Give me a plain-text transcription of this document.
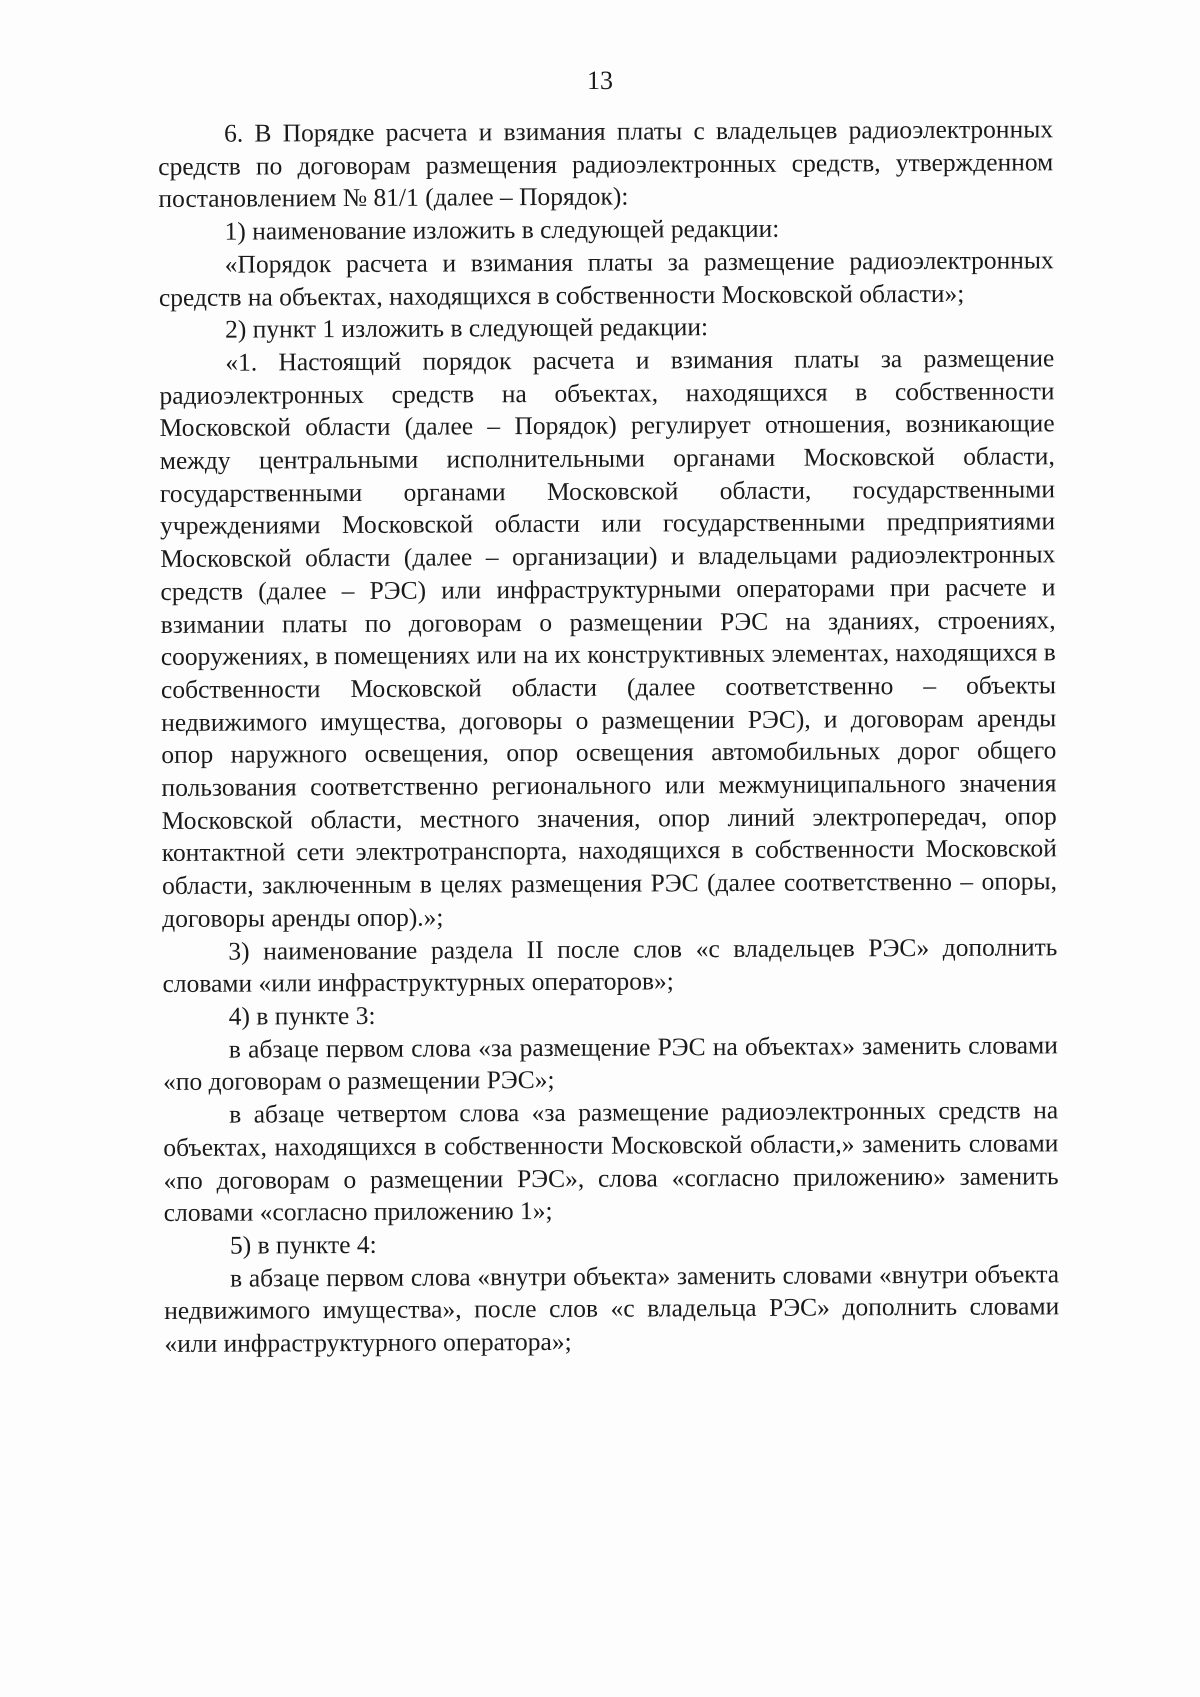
13

6. В Порядке расчета и взимания платы с владельцев радиоэлектронных средств по договорам размещения радиоэлектронных средств, утвержденном постановлением № 81/1 (далее – Порядок):

1) наименование изложить в следующей редакции:

«Порядок расчета и взимания платы за размещение радиоэлектронных средств на объектах, находящихся в собственности Московской области»;

2) пункт 1 изложить в следующей редакции:

«1. Настоящий порядок расчета и взимания платы за размещение радиоэлектронных средств на объектах, находящихся в собственности Московской области (далее – Порядок) регулирует отношения, возникающие между центральными исполнительными органами Московской области, государственными органами Московской области, государственными учреждениями Московской области или государственными предприятиями Московской области (далее – организации) и владельцами радиоэлектронных средств (далее – РЭС) или инфраструктурными операторами при расчете и взимании платы по договорам о размещении РЭС на зданиях, строениях, сооружениях, в помещениях или на их конструктивных элементах, находящихся в собственности Московской области (далее соответственно – объекты недвижимого имущества, договоры о размещении РЭС), и договорам аренды опор наружного освещения, опор освещения автомобильных дорог общего пользования соответственно регионального или межмуниципального значения Московской области, местного значения, опор линий электропередач, опор контактной сети электротранспорта, находящихся в собственности Московской области, заключенным в целях размещения РЭС (далее соответственно – опоры, договоры аренды опор).»;

3) наименование раздела II после слов «с владельцев РЭС» дополнить словами «или инфраструктурных операторов»;

4) в пункте 3:

в абзаце первом слова «за размещение РЭС на объектах» заменить словами «по договорам о размещении РЭС»;

в абзаце четвертом слова «за размещение радиоэлектронных средств на объектах, находящихся в собственности Московской области,» заменить словами «по договорам о размещении РЭС», слова «согласно приложению» заменить словами «согласно приложению 1»;

5) в пункте 4:

в абзаце первом слова «внутри объекта» заменить словами «внутри объекта недвижимого имущества», после слов «с владельца РЭС» дополнить словами «или инфраструктурного оператора»;
